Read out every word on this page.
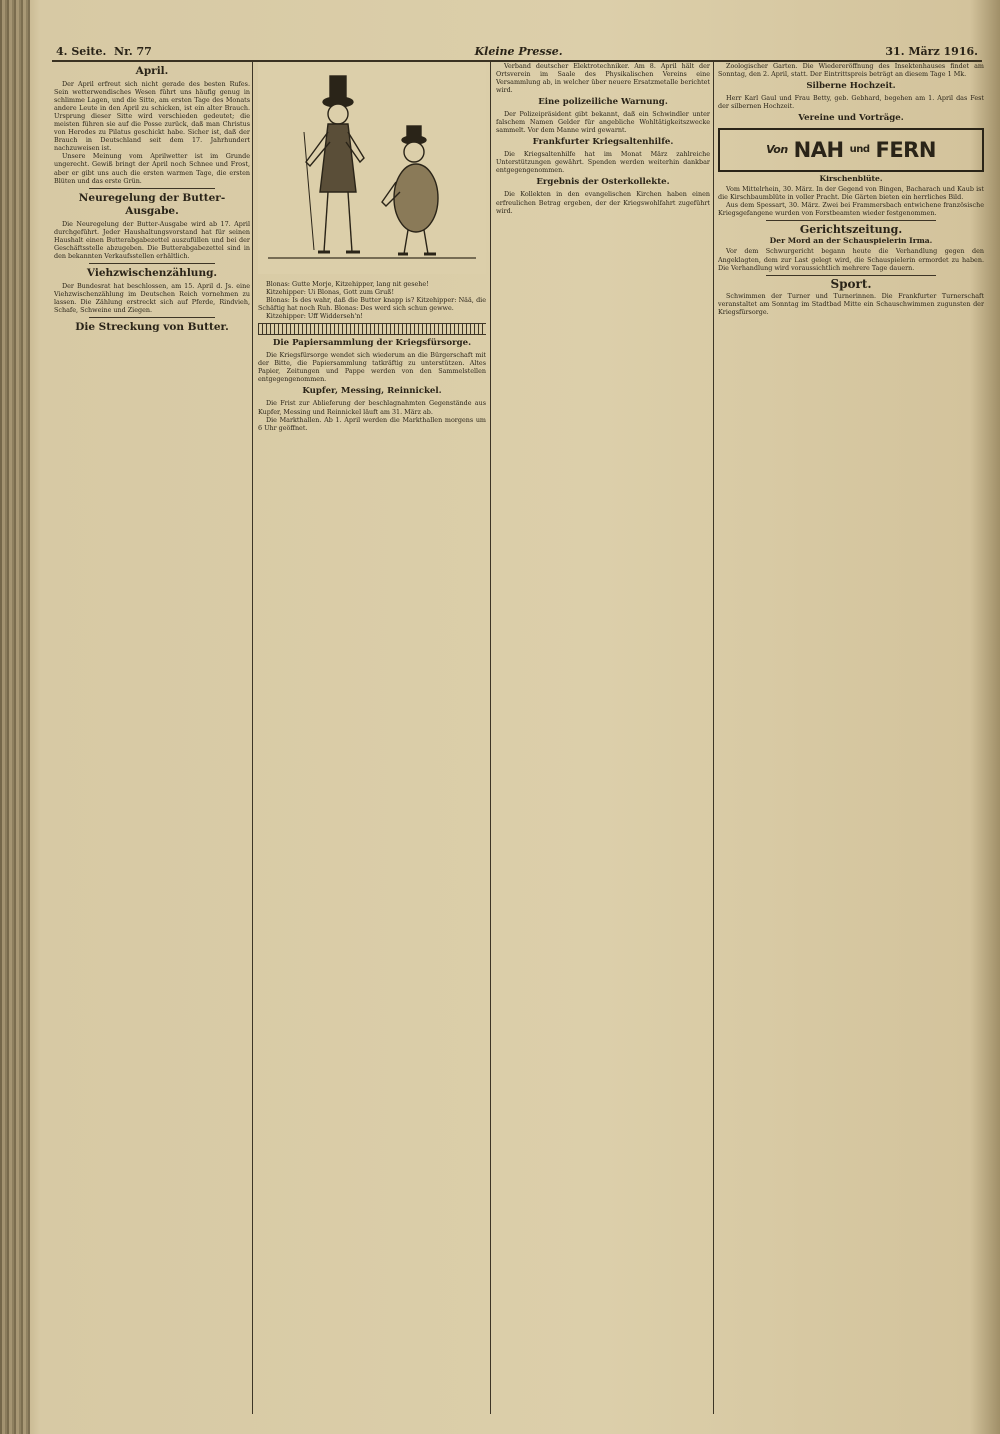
4. Seite. Nr. 77	Kleine Presse.	31. März 1916.
April.

Der April erfreut sich nicht gerade des besten Rufes. Sein wetterwendisches Wesen führt uns häufig genug in schlimme Lagen, und die Sitte, am ersten Tage des Monats andere Leute in den April zu schicken, ist ein alter Brauch. Ursprung dieser Sitte wird verschieden gedeutet; die meisten führen sie auf die Posse zurück, daß man Christus von Herodes zu Pilatus geschickt habe. Sicher ist, daß der Brauch in Deutschland seit dem 17. Jahrhundert nachzuweisen ist.

Unsere Meinung vom Aprilwetter ist im Grunde ungerecht. Gewiß bringt der April noch Schnee und Frost, aber er gibt uns auch die ersten warmen Tage, die ersten Blüten und das erste Grün.

Neuregelung der Butter-Ausgabe.

Die Neuregelung der Butter-Ausgabe wird ab 17. April durchgeführt. Jeder Haushaltungsvorstand hat für seinen Haushalt einen Butterabgabezettel auszufüllen und bei der Geschäftsstelle abzugeben. Die Butterabgabezettel sind in den bekannten Verkaufsstellen erhältlich.

Viehzwischenzählung.

Der Bundesrat hat beschlossen, am 15. April d. Js. eine Viehzwischenzählung im Deutschen Reich vornehmen zu lassen. Die Zählung erstreckt sich auf Pferde, Rindvieh, Schafe, Schweine und Ziegen.

Die Streckung von Butter.

Blonas: Gutte Morje, Kitzehipper, lang nit gesehe!

Kitzehipper: Ui Blonas, Gott zum Gruß!

Blonas: Is des wahr, daß die Butter knapp is? Kitzehipper: Nää, die Schäftig hat noch Ruh. Blonas: Des werd sich schun gewwe.

Kitzehipper: Uff Widderseh'n!

Die Papiersammlung der Kriegsfürsorge.

Die Kriegsfürsorge wendet sich wiederum an die Bürgerschaft mit der Bitte, die Papiersammlung tatkräftig zu unterstützen. Altes Papier, Zeitungen und Pappe werden von den Sammelstellen entgegengenommen.

Kupfer, Messing, Reinnickel.

Die Frist zur Ablieferung der beschlagnahmten Gegenstände aus Kupfer, Messing und Reinnickel läuft am 31. März ab.

Die Markthallen. Ab 1. April werden die Markthallen morgens um 6 Uhr geöffnet.

Verband deutscher Elektrotechniker. Am 8. April hält der Ortsverein im Saale des Physikalischen Vereins eine Versammlung ab, in welcher über neuere Ersatzmetalle berichtet wird.

Eine polizeiliche Warnung.

Der Polizeipräsident gibt bekannt, daß ein Schwindler unter falschem Namen Gelder für angebliche Wohltätigkeitszwecke sammelt. Vor dem Manne wird gewarnt.

Frankfurter Kriegsaltenhilfe.

Die Kriegsaltenhilfe hat im Monat März zahlreiche Unterstützungen gewährt. Spenden werden weiterhin dankbar entgegengenommen.

Ergebnis der Osterkollekte.

Die Kollekten in den evangelischen Kirchen haben einen erfreulichen Betrag ergeben, der der Kriegswohlfahrt zugeführt wird.

Zoologischer Garten. Die Wiedereröffnung des Insektenhauses findet am Sonntag, den 2. April, statt. Der Eintrittspreis beträgt an diesem Tage 1 Mk.

Silberne Hochzeit.

Herr Karl Gaul und Frau Betty, geb. Gebhard, begehen am 1. April das Fest der silbernen Hochzeit.

Vereine und Vorträge.
Von NAH und FERN
Kirschenblüte.

Vom Mittelrhein, 30. März. In der Gegend von Bingen, Bacharach und Kaub ist die Kirschbaumblüte in voller Pracht. Die Gärten bieten ein herrliches Bild.

Aus dem Spessart, 30. März. Zwei bei Frammersbach entwichene französische Kriegsgefangene wurden von Forstbeamten wieder festgenommen.

Gerichtszeitung.
Der Mord an der Schauspielerin Irma.

Vor dem Schwurgericht begann heute die Verhandlung gegen den Angeklagten, dem zur Last gelegt wird, die Schauspielerin ermordet zu haben. Die Verhandlung wird voraussichtlich mehrere Tage dauern.

Sport.

Schwimmen der Turner und Turnerinnen. Die Frankfurter Turnerschaft veranstaltet am Sonntag im Stadtbad Mitte ein Schauschwimmen zugunsten der Kriegsfürsorge.
